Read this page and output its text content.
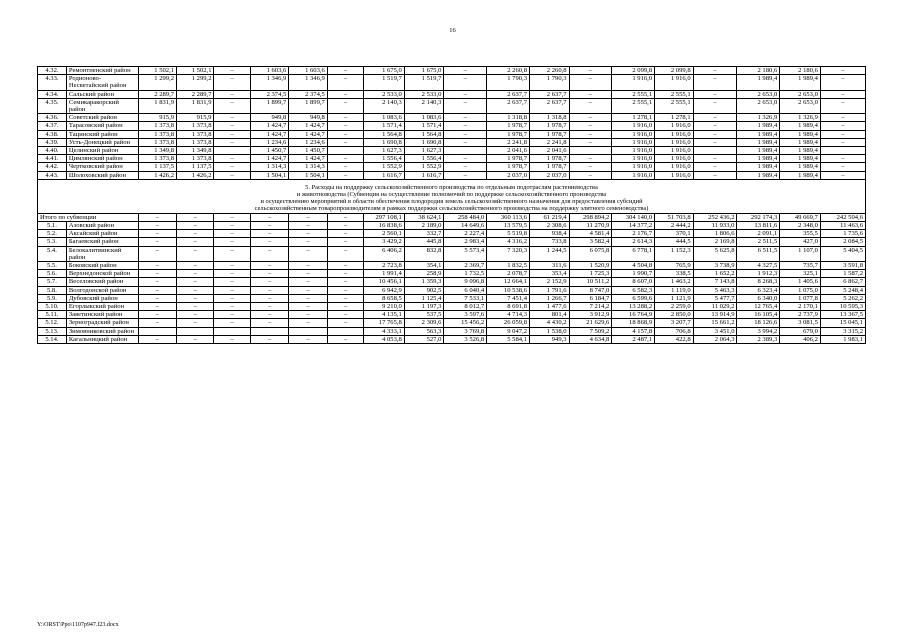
16
4.32.	Ремонтненский район	1 502,1	1 502,1	–	1 603,6	1 603,6	–	1 675,0	1 675,0	–	2 260,8	2 260,8	–	2 099,8	2 099,8	–	2 180,6	2 180,6	–
4.33.	Родионово-Несветайский район	1 299,2	1 299,2	–	1 346,9	1 346,9	–	1 519,7	1 519,7	–	1 790,3	1 790,3	–	1 916,0	1 916,0	–	1 989,4	1 989,4	–
4.34.	Сальский район	2 289,7	2 289,7	–	2 374,5	2 374,5	–	2 533,0	2 533,0	–	2 637,7	2 637,7	–	2 555,1	2 555,1	–	2 653,0	2 653,0	–
4.35.	Семикаракорский район	1 831,9	1 831,9	–	1 899,7	1 899,7	–	2 140,3	2 140,3	–	2 637,7	2 637,7	–	2 555,1	2 555,1	–	2 653,0	2 653,0	–
4.36.	Советский район	915,9	915,9	–	949,8	949,8	–	1 083,6	1 083,6	–	1 318,8	1 318,8	–	1 278,1	1 278,1	–	1 326,9	1 326,9	–
4.37.	Тарасовский район	1 373,8	1 373,8	–	1 424,7	1 424,7	–	1 571,4	1 571,4	–	1 978,7	1 978,7	–	1 916,0	1 916,0	–	1 989,4	1 989,4	–
4.38.	Тацинский район	1 373,8	1 373,8	–	1 424,7	1 424,7	–	1 564,8	1 564,8	–	1 978,7	1 978,7	–	1 916,0	1 916,0	–	1 989,4	1 989,4	–
4.39.	Усть-Донецкий район	1 373,8	1 373,8	–	1 234,6	1 234,6	–	1 690,8	1 690,8	–	2 241,8	2 241,8	–	1 916,0	1 916,0	–	1 989,4	1 989,4	–
4.40.	Целинский район	1 349,8	1 349,8		1 450,7	1 450,7		1 627,3	1 627,3		2 041,6	2 041,6		1 916,0	1 916,0		1 989,4	1 989,4	
4.41.	Цимлянский район	1 373,8	1 373,8	–	1 424,7	1 424,7	–	1 556,4	1 556,4	–	1 978,7	1 978,7	–	1 916,0	1 916,0	–	1 989,4	1 989,4	–
4.42.	Чертковский район	1 137,5	1 137,5	–	1 314,3	1 314,3	–	1 552,9	1 552,9	–	1 978,7	1 978,7	–	1 916,0	1 916,0	–	1 989,4	1 989,4	–
4.43.	Шолоховский район	1 426,2	1 426,2	–	1 504,1	1 504,1	–	1 616,7	1 616,7	–	2 037,0	2 037,0	–	1 916,0	1 916,0	–	1 989,4	1 989,4	–
5. Расходы на поддержку сельскохозяйственного производства по отдельным подотраслям растениеводства
и животноводства (Субвенция на осуществление полномочий по поддержке сельскохозяйственного производства
и осуществлению мероприятий в области обеспечения плодородия земель сельскохозяйственного назначения для предоставления субсидий
сельскохозяйственным товаропроизводителям в рамках поддержки сельскохозяйственного производства на поддержку элитного семеноводства)																			
Итого по субвенции		–	–	–	–	–	–	297 108,1	38 624,1	258 484,0	360 113,6	61 219,4	298 894,2	304 140,0	51 703,8	252 436,2	292 174,3	49 669,7	242 504,6
5.1.	Азовский район	–	–	–	–	–	–	16 838,6	2 189,0	14 649,6	13 579,5	2 308,6	11 270,9	14 377,2	2 444,2	11 933,0	13 811,6	2 348,0	11 463,6
5.2.	Аксайский район	–	–	–	–	–	–	2 560,1	332,7	2 227,4	5 519,8	938,4	4 581,4	2 176,7	370,1	1 806,6	2 091,1	355,5	1 735,6
5.3.	Багаевский район	–	–	–	–	–	–	3 429,2	445,8	2 983,4	4 316,2	733,8	3 582,4	2 614,3	444,5	2 169,8	2 511,5	427,0	2 084,5
5.4.	Белокалитвинский район	–	–	–	–	–	–	6 406,2	832,8	5 573,4	7 320,3	1 244,5	6 075,8	6 778,1	1 152,3	5 625,8	6 511,5	1 107,0	5 404,5
5.5.	Боковский район	–	–	–	–	–	–	2 723,8	354,1	2 369,7	1 832,5	311,6	1 520,9	4 504,8	765,9	3 738,9	4 327,5	735,7	3 591,8
5.6.	Верхнедонской район	–	–	–	–	–	–	1 991,4	258,9	1 732,5	2 078,7	353,4	1 725,3	1 990,7	338,5	1 652,2	1 912,3	325,1	1 587,2
5.7.	Веселовский район	–	–	–	–	–	–	10 456,1	1 359,3	9 096,8	12 664,1	2 152,9	10 511,2	8 607,0	1 463,2	7 143,8	8 268,3	1 405,6	6 862,7
5.8.	Волгодонской район	–	–	–	–	–	–	6 942,9	902,5	6 040,4	10 538,6	1 791,6	8 747,0	6 582,3	1 119,0	5 463,3	6 323,4	1 075,0	5 248,4
5.9.	Дубовский район	–	–	–	–	–	–	8 658,5	1 125,4	7 533,1	7 451,4	1 266,7	6 184,7	6 599,6	1 121,9	5 477,7	6 340,0	1 077,8	5 262,2
5.10.	Егорлыкский район	–	–	–	–	–	–	9 210,0	1 197,3	8 012,7	8 691,8	1 477,6	7 214,2	13 288,2	2 259,0	11 029,2	12 765,4	2 170,1	10 595,3
5.11.	Заветинский район	–	–	–	–	–	–	4 135,1	537,5	3 597,6	4 714,3	801,4	3 912,9	16 764,9	2 850,0	13 914,9	16 105,4	2 737,9	13 367,5
5.12.	Зерноградский район	–	–	–	–	–	–	17 765,8	2 309,6	15 456,2	26 059,8	4 430,2	21 629,6	18 868,9	3 207,7	15 661,2	18 126,6	3 081,5	15 045,1
5.13.	Зимовниковский район							4 333,1	563,3	3 769,8	9 047,2	1 538,0	7 509,2	4 157,8	706,8	3 451,0	3 994,2	679,0	3 315,2
5.14.	Кагальницкий район	–	–	–	–	–	–	4 053,8	527,0	3 526,8	5 584,1	949,3	4 634,8	2 487,1	422,8	2 064,3	2 389,3	406,2	1 983,1
Y:\ORST\Ppo\1107p947.f23.docx
